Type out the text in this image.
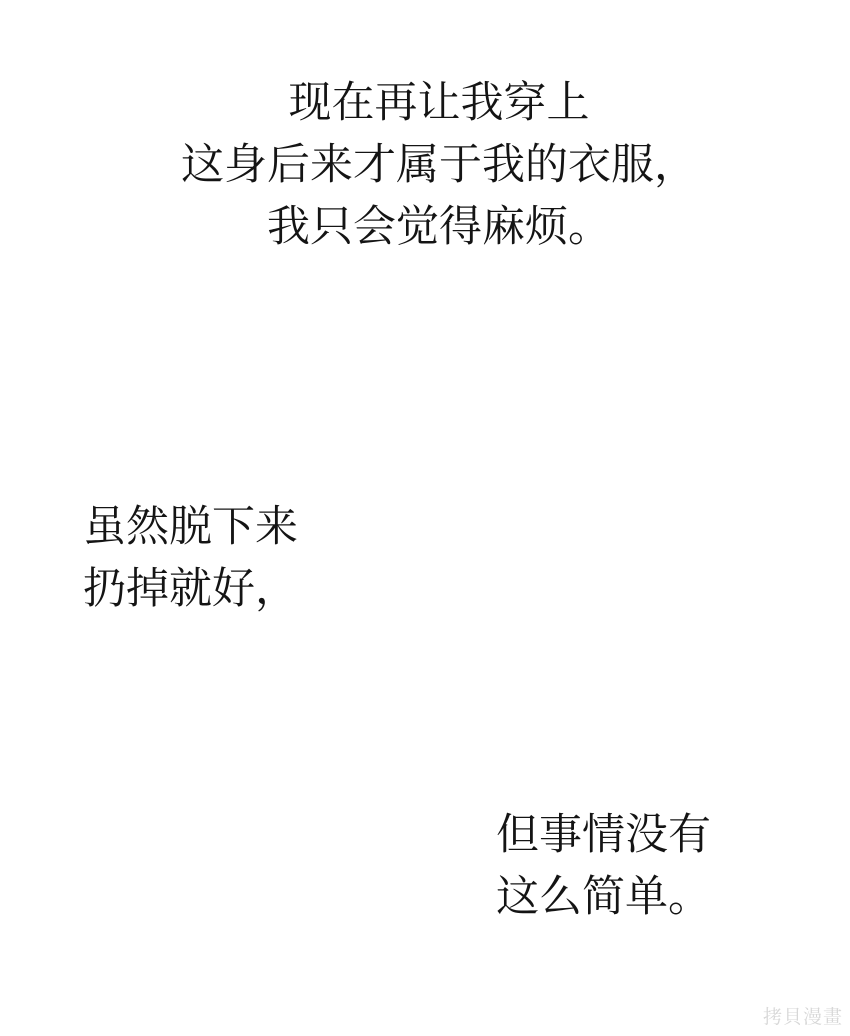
现在再让我穿上
这身后来才属于我的衣服，
我只会觉得麻烦。
虽然脱下来
扔掉就好，
但事情没有
这么简单。
拷貝漫畫
